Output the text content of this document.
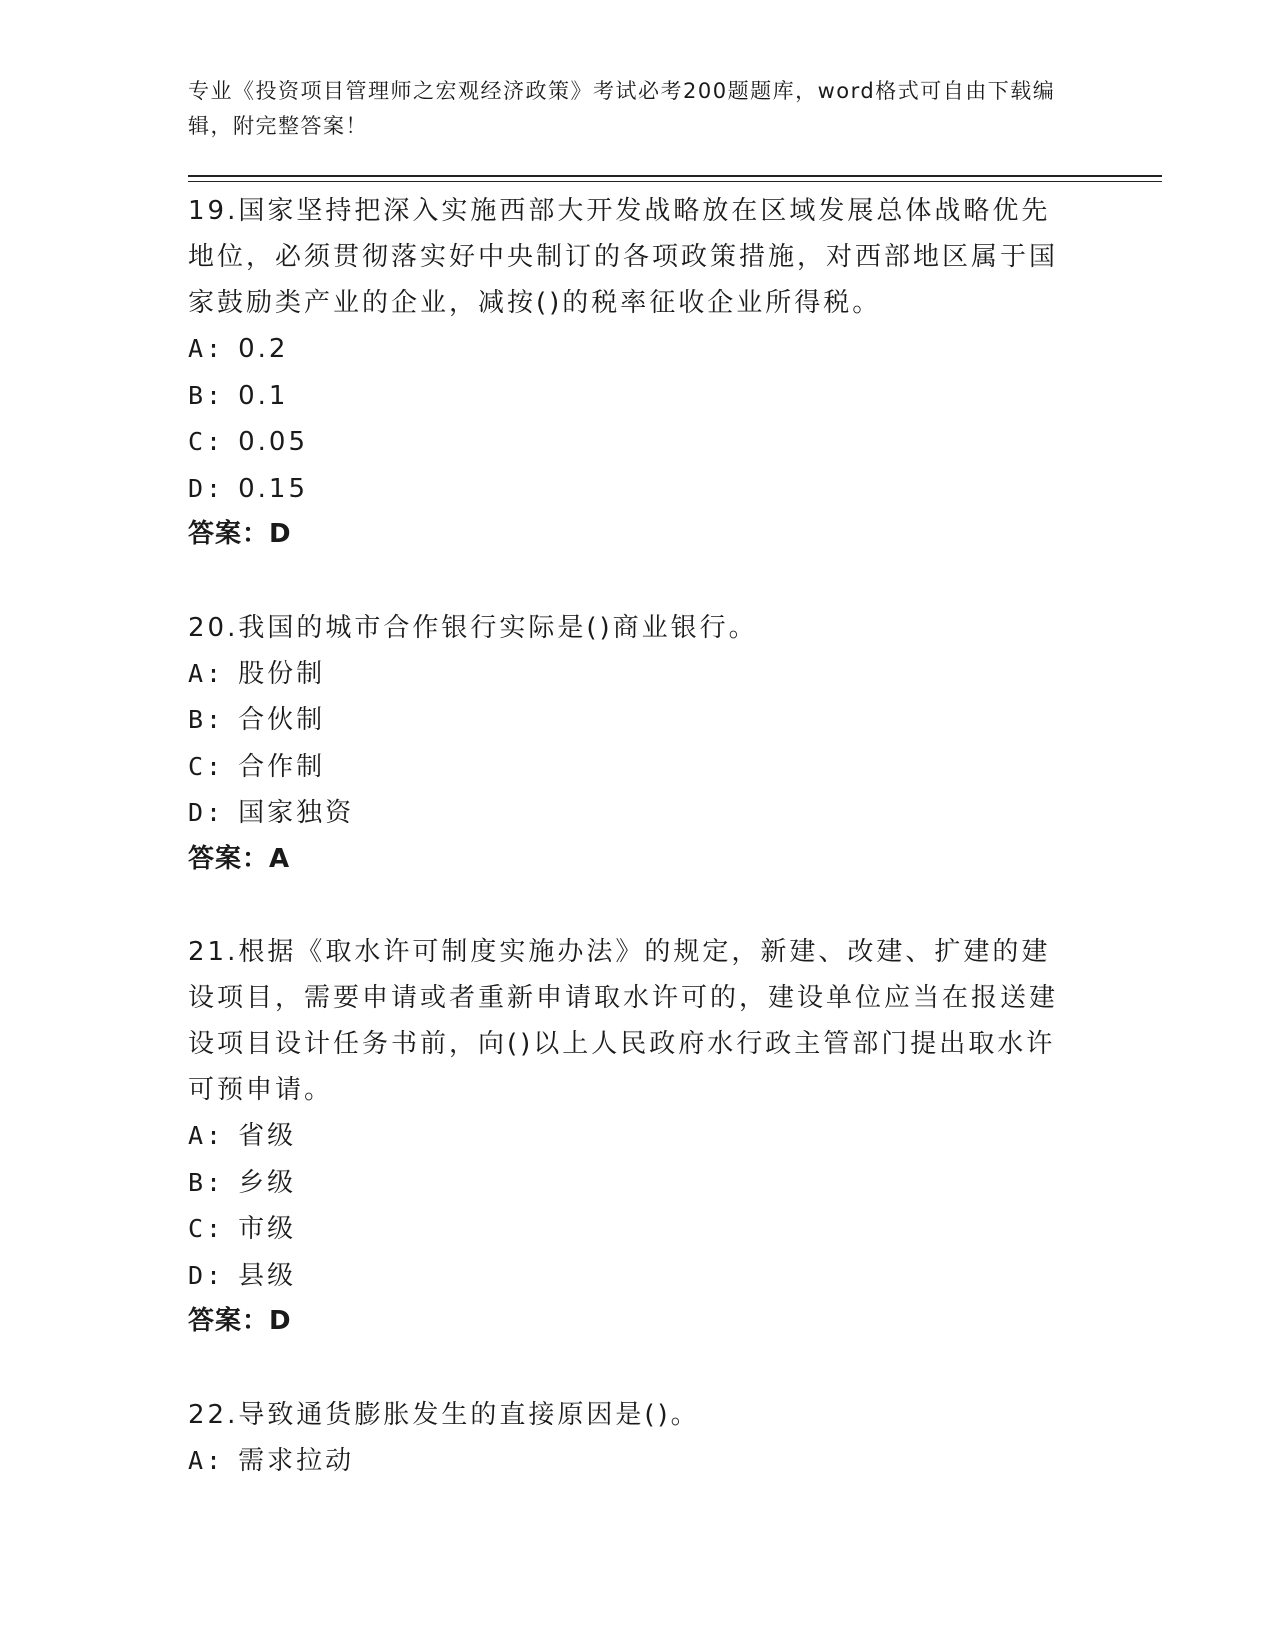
专业《投资项目管理师之宏观经济政策》考试必考200题题库，word格式可自由下载编辑，附完整答案！
19.国家坚持把深入实施西部大开发战略放在区域发展总体战略优先地位，必须贯彻落实好中央制订的各项政策措施，对西部地区属于国家鼓励类产业的企业，减按()的税率征收企业所得税。
A: 0.2
B: 0.1
C: 0.05
D: 0.15
答案：D
20.我国的城市合作银行实际是()商业银行。
A: 股份制
B: 合伙制
C: 合作制
D: 国家独资
答案：A
21.根据《取水许可制度实施办法》的规定，新建、改建、扩建的建设项目，需要申请或者重新申请取水许可的，建设单位应当在报送建设项目设计任务书前，向()以上人民政府水行政主管部门提出取水许可预申请。
A: 省级
B: 乡级
C: 市级
D: 县级
答案：D
22.导致通货膨胀发生的直接原因是()。
A: 需求拉动
